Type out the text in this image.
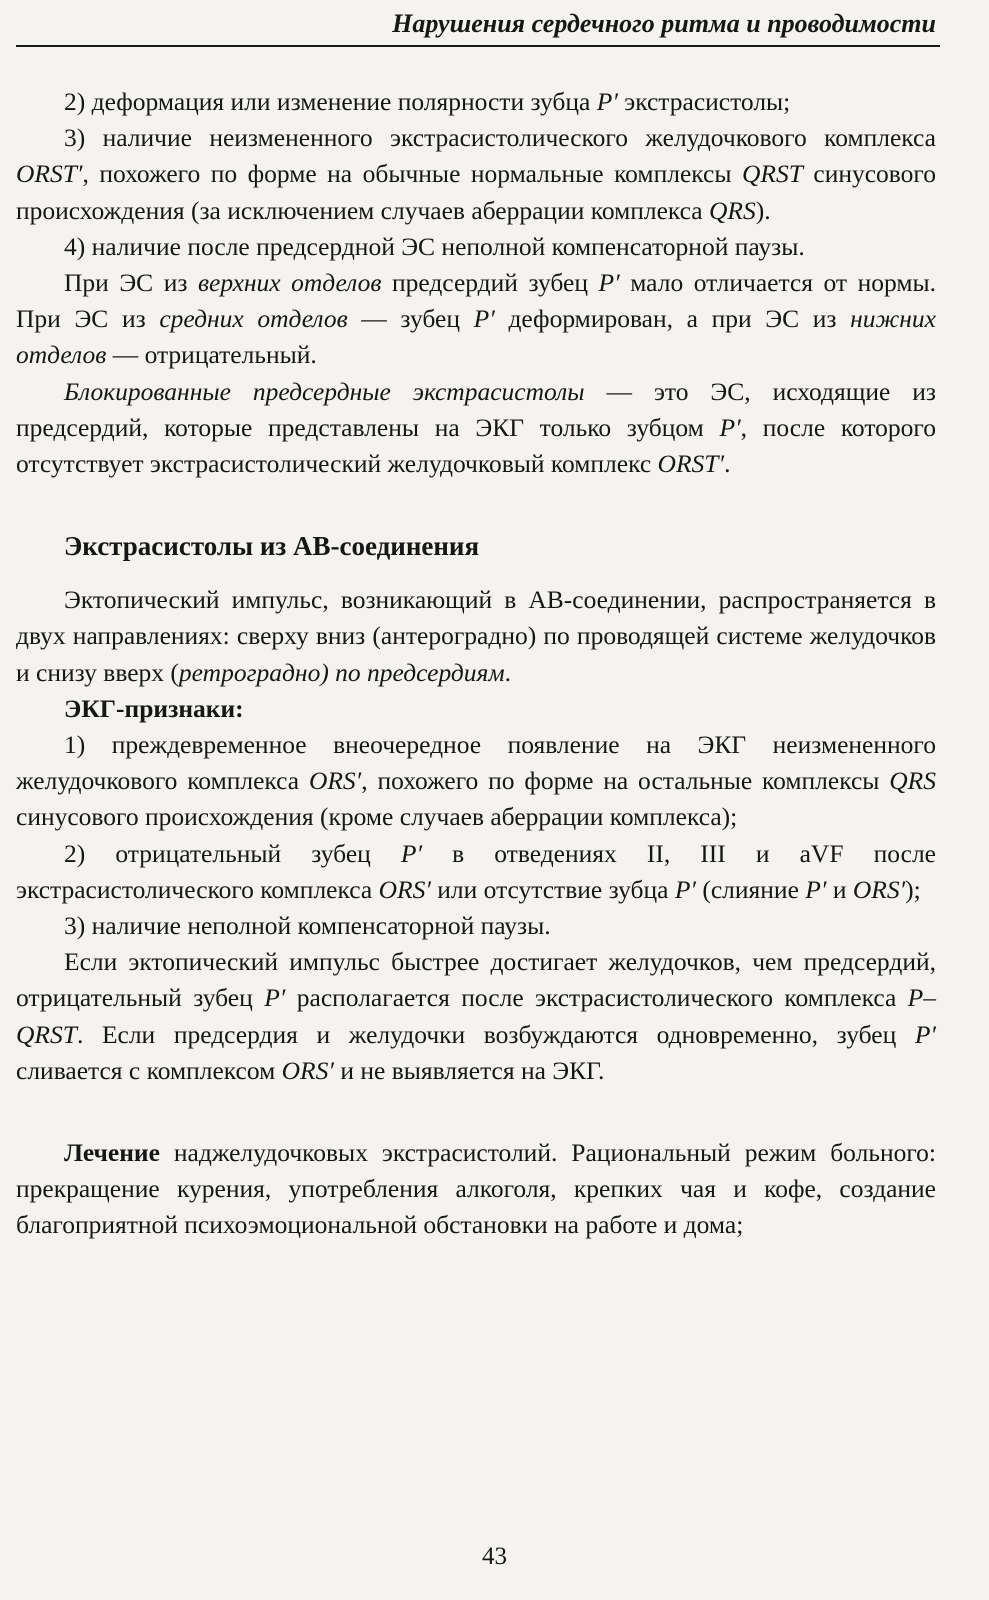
Нарушения сердечного ритма и проводимости

2) деформация или изменение полярности зубца P′ экстрасистолы;

3) наличие неизмененного экстрасистолического желудочкового комплекса ORST′, похожего по форме на обычные нормальные комплексы QRST синусового происхождения (за исключением случаев аберрации комплекса QRS).

4) наличие после предсердной ЭС неполной компенсаторной паузы.

При ЭС из верхних отделов предсердий зубец P′ мало отличается от нормы. При ЭС из средних отделов — зубец P′ деформирован, а при ЭС из нижних отделов — отрицательный.

Блокированные предсердные экстрасистолы — это ЭС, исходящие из предсердий, которые представлены на ЭКГ только зубцом P′, после которого отсутствует экстрасистолический желудочковый комплекс ORST′.

Экстрасистолы из АВ-соединения

Эктопический импульс, возникающий в АВ-соединении, распространяется в двух направлениях: сверху вниз (антероградно) по проводящей системе желудочков и снизу вверх (ретроградно) по предсердиям.

ЭКГ-признаки:

1) преждевременное внеочередное появление на ЭКГ неизмененного желудочкового комплекса ORS′, похожего по форме на остальные комплексы QRS синусового происхождения (кроме случаев аберрации комплекса);

2) отрицательный зубец P′ в отведениях II, III и aVF после экстрасистолического комплекса ORS′ или отсутствие зубца P′ (слияние P′ и ORS′);

3) наличие неполной компенсаторной паузы.

Если эктопический импульс быстрее достигает желудочков, чем предсердий, отрицательный зубец P′ располагается после экстрасистолического комплекса P–QRST. Если предсердия и желудочки возбуждаются одновременно, зубец P′ сливается с комплексом ORS′ и не выявляется на ЭКГ.

Лечение наджелудочковых экстрасистолий. Рациональный режим больного: прекращение курения, употребления алкоголя, крепких чая и кофе, создание благоприятной психоэмоциональной обстановки на работе и дома;

43
